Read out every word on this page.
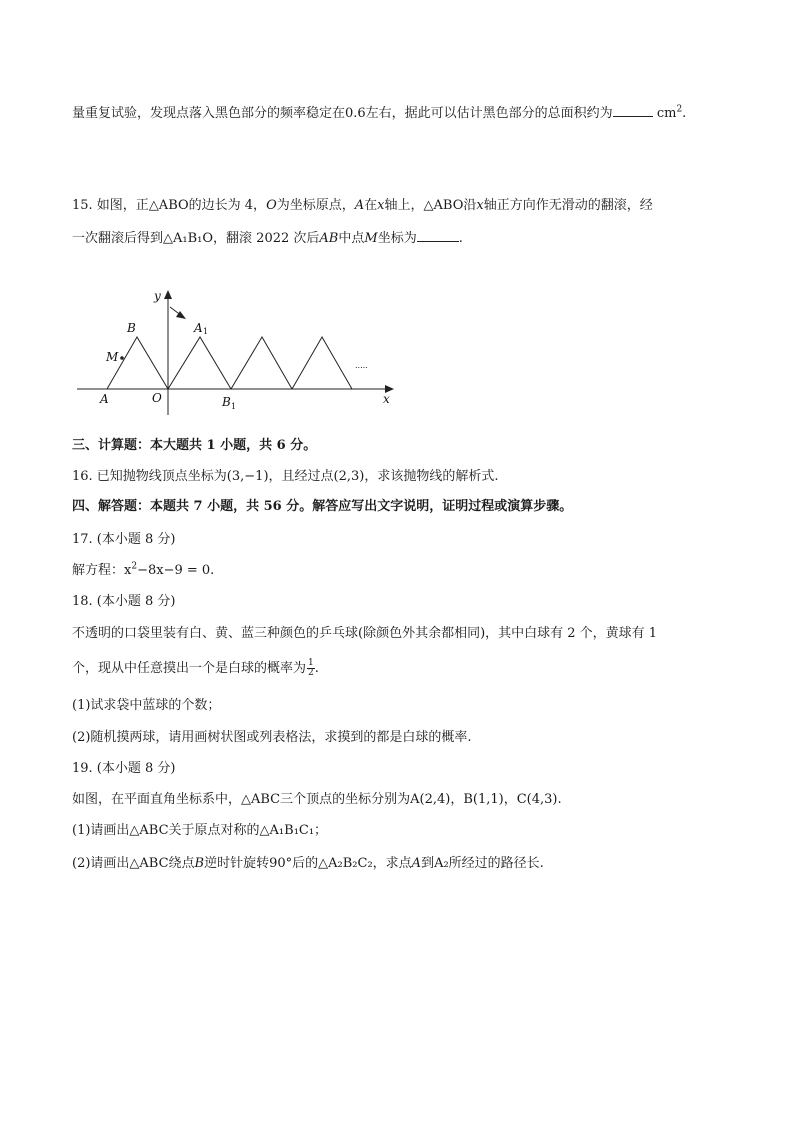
量重复试验，发现点落入黑色部分的频率稳定在0.6左右，据此可以估计黑色部分的总面积约为	$cm^2$.
15. 如图，正△ABO的边长为 4，O为坐标原点，A在x轴上，△ABO沿x轴正方向作无滑动的翻滚，经
一次翻滚后得到△A₁B₁O，翻滚 2022 次后AB中点M坐标为	.
y
x
B
M
A	O
A 1
B 1
.....
三、计算题：本大题共 1 小题，共 6 分。
16. 已知抛物线顶点坐标为(3,−1)，且经过点(2,3)，求该抛物线的解析式.
四、解答题：本题共 7 小题，共 56 分。解答应写出文字说明，证明过程或演算步骤。
17. (本小题 8 分)
解方程：$x^2-8x-9 = 0$.
18. (本小题 8 分)
不透明的口袋里装有白、黄、蓝三种颜色的乒乓球(除颜色外其余都相同)，其中白球有 2 个，黄球有 1
个，现从中任意摸出一个是白球的概率为 $\frac{1}{2}$ .
(1)试求袋中蓝球的个数；
(2)随机摸两球，请用画树状图或列表格法，求摸到的都是白球的概率.
19. (本小题 8 分)
如图，在平面直角坐标系中，△ABC三个顶点的坐标分别为A(2,4)，B(1,1)，C(4,3).
(1)请画出△ABC关于原点对称的△A₁B₁C₁；
(2)请画出△ABC绕点B逆时针旋转90°后的△A₂B₂C₂，求点A到A₂所经过的路径长.
